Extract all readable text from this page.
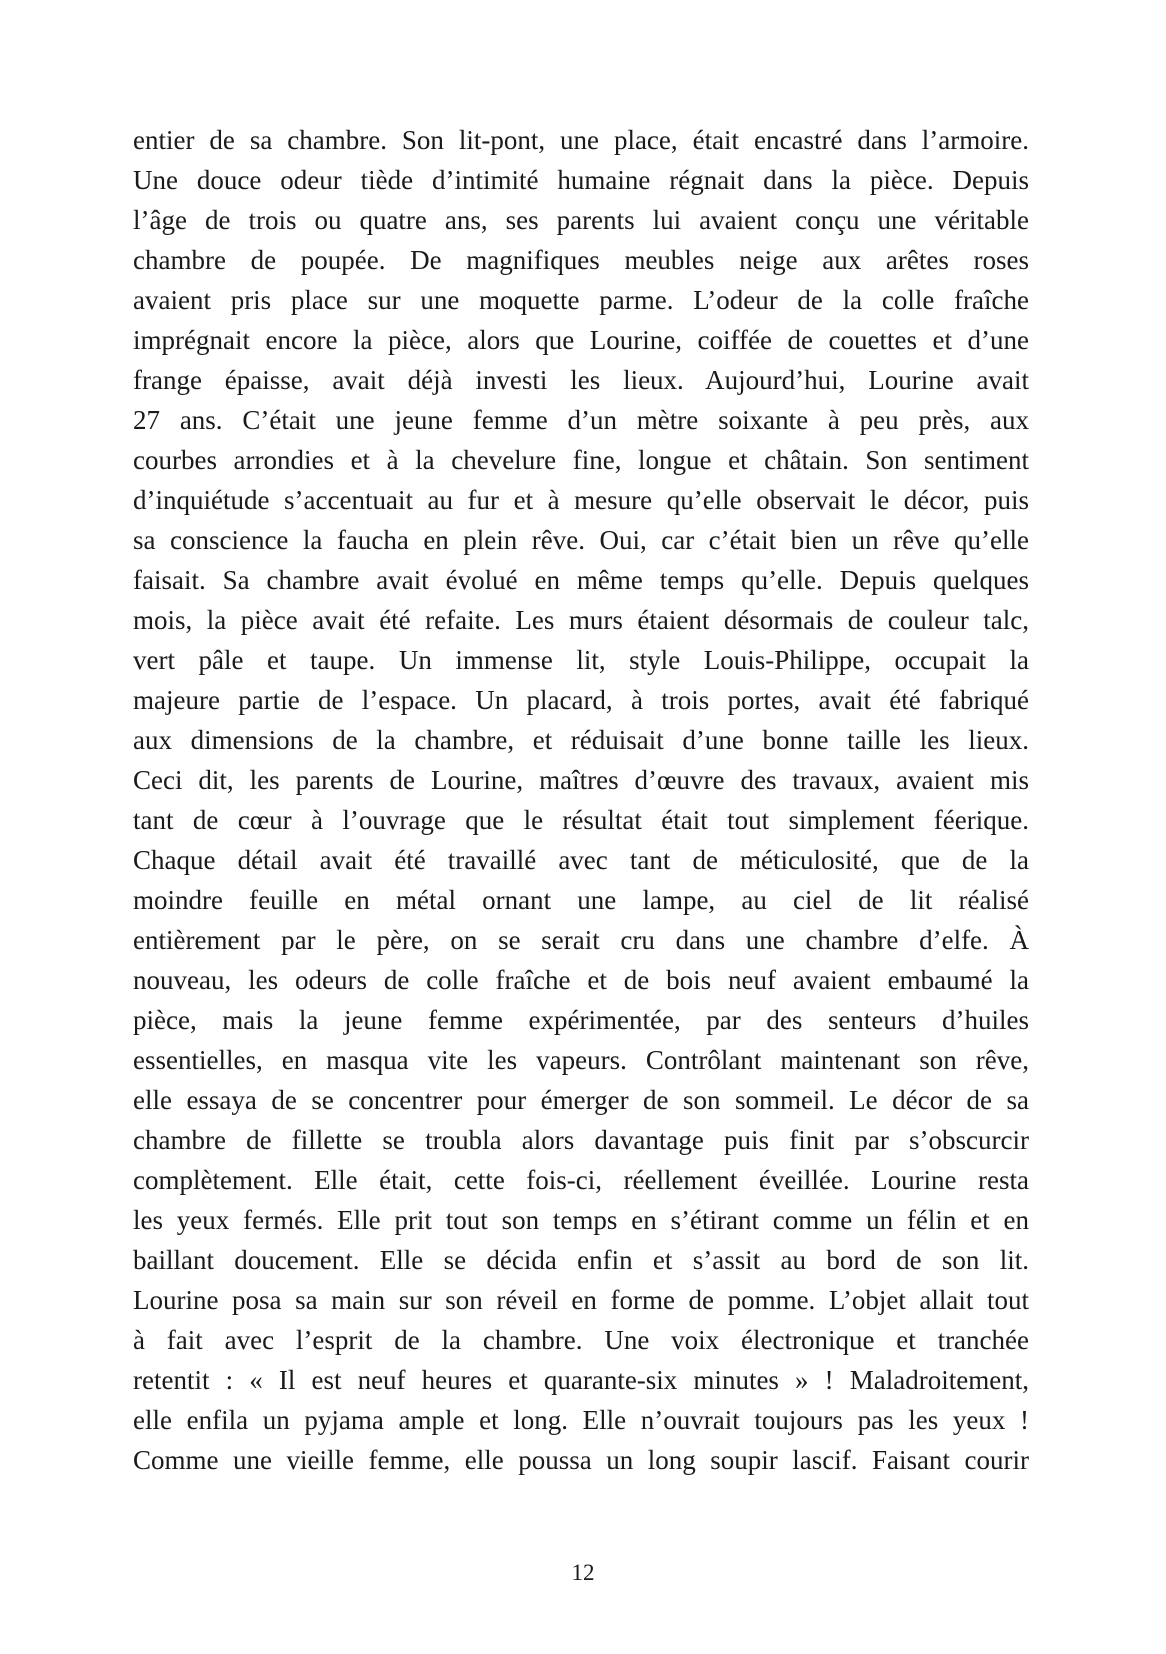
entier de sa chambre. Son lit-pont, une place, était encastré dans l’armoire.
Une douce odeur tiède d’intimité humaine régnait dans la pièce. Depuis
l’âge de trois ou quatre ans, ses parents lui avaient conçu une véritable
chambre de poupée. De magnifiques meubles neige aux arêtes roses
avaient pris place sur une moquette parme. L’odeur de la colle fraîche
imprégnait encore la pièce, alors que Lourine, coiffée de couettes et d’une
frange épaisse, avait déjà investi les lieux. Aujourd’hui, Lourine avait
27 ans. C’était une jeune femme d’un mètre soixante à peu près, aux
courbes arrondies et à la chevelure fine, longue et châtain. Son sentiment
d’inquiétude s’accentuait au fur et à mesure qu’elle observait le décor, puis
sa conscience la faucha en plein rêve. Oui, car c’était bien un rêve qu’elle
faisait. Sa chambre avait évolué en même temps qu’elle. Depuis quelques
mois, la pièce avait été refaite. Les murs étaient désormais de couleur talc,
vert pâle et taupe. Un immense lit, style Louis-Philippe, occupait la
majeure partie de l’espace. Un placard, à trois portes, avait été fabriqué
aux dimensions de la chambre, et réduisait d’une bonne taille les lieux.
Ceci dit, les parents de Lourine, maîtres d’œuvre des travaux, avaient mis
tant de cœur à l’ouvrage que le résultat était tout simplement féerique.
Chaque détail avait été travaillé avec tant de méticulosité, que de la
moindre feuille en métal ornant une lampe, au ciel de lit réalisé
entièrement par le père, on se serait cru dans une chambre d’elfe. À
nouveau, les odeurs de colle fraîche et de bois neuf avaient embaumé la
pièce, mais la jeune femme expérimentée, par des senteurs d’huiles
essentielles, en masqua vite les vapeurs. Contrôlant maintenant son rêve,
elle essaya de se concentrer pour émerger de son sommeil. Le décor de sa
chambre de fillette se troubla alors davantage puis finit par s’obscurcir
complètement. Elle était, cette fois-ci, réellement éveillée. Lourine resta
les yeux fermés. Elle prit tout son temps en s’étirant comme un félin et en
baillant doucement. Elle se décida enfin et s’assit au bord de son lit.
Lourine posa sa main sur son réveil en forme de pomme. L’objet allait tout
à fait avec l’esprit de la chambre. Une voix électronique et tranchée
retentit : « Il est neuf heures et quarante-six minutes » ! Maladroitement,
elle enfila un pyjama ample et long. Elle n’ouvrait toujours pas les yeux !
Comme une vieille femme, elle poussa un long soupir lascif. Faisant courir
12
